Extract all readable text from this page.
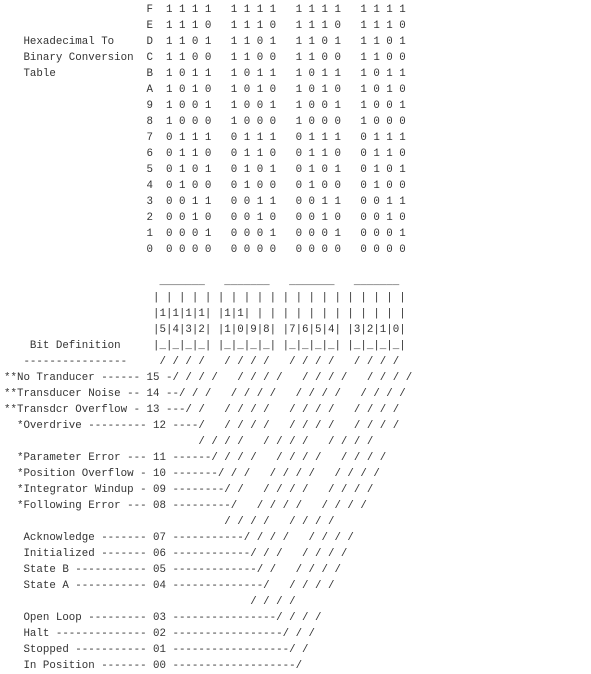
F  1 1 1 1   1 1 1 1   1 1 1 1   1 1 1 1
E  1 1 1 0   1 1 1 0   1 1 1 0   1 1 1 0
Hexadecimal To     D  1 1 0 1   1 1 0 1   1 1 0 1   1 1 0 1
Binary Conversion  C  1 1 0 0   1 1 0 0   1 1 0 0   1 1 0 0
Table              B  1 0 1 1   1 0 1 1   1 0 1 1   1 0 1 1
A  1 0 1 0   1 0 1 0   1 0 1 0   1 0 1 0
9  1 0 0 1   1 0 0 1   1 0 0 1   1 0 0 1
8  1 0 0 0   1 0 0 0   1 0 0 0   1 0 0 0
7  0 1 1 1   0 1 1 1   0 1 1 1   0 1 1 1
6  0 1 1 0   0 1 1 0   0 1 1 0   0 1 1 0
5  0 1 0 1   0 1 0 1   0 1 0 1   0 1 0 1
4  0 1 0 0   0 1 0 0   0 1 0 0   0 1 0 0
3  0 0 1 1   0 0 1 1   0 0 1 1   0 0 1 1
2  0 0 1 0   0 0 1 0   0 0 1 0   0 0 1 0
1  0 0 0 1   0 0 0 1   0 0 0 1   0 0 0 1
0  0 0 0 0   0 0 0 0   0 0 0 0   0 0 0 0
_______   _______   _______   _______
| | | | | | | | | | | | | | | | | | | |
|1|1|1|1| |1|1| | | | | | | | | | | | |
|5|4|3|2| |1|0|9|8| |7|6|5|4| |3|2|1|0|
Bit Definition     |_|_|_|_| |_|_|_|_| |_|_|_|_| |_|_|_|_|
----------------     / / / /   / / / /   / / / /   / / / /
**No Tranducer ------ 15 -/ / / /   / / / /   / / / /   / / / /
**Transducer Noise -- 14 --/ / /   / / / /   / / / /   / / / /
**Transdcr Overflow - 13 ---/ /   / / / /   / / / /   / / / /
*Overdrive --------- 12 ----/   / / / /   / / / /   / / / /
/ / / /   / / / /   / / / /
*Parameter Error --- 11 ------/ / / /   / / / /   / / / /
*Position Overflow - 10 -------/ / /   / / / /   / / / /
*Integrator Windup - 09 --------/ /   / / / /   / / / /
*Following Error --- 08 ---------/   / / / /   / / / /
/ / / /   / / / /
Acknowledge ------- 07 -----------/ / / /   / / / /
Initialized ------- 06 ------------/ / /   / / / /
State B ----------- 05 -------------/ /   / / / /
State A ----------- 04 --------------/   / / / /
/ / / /
Open Loop --------- 03 ----------------/ / / /
Halt -------------- 02 -----------------/ / /
Stopped ----------- 01 ------------------/ /
In Position ------- 00 -------------------/
